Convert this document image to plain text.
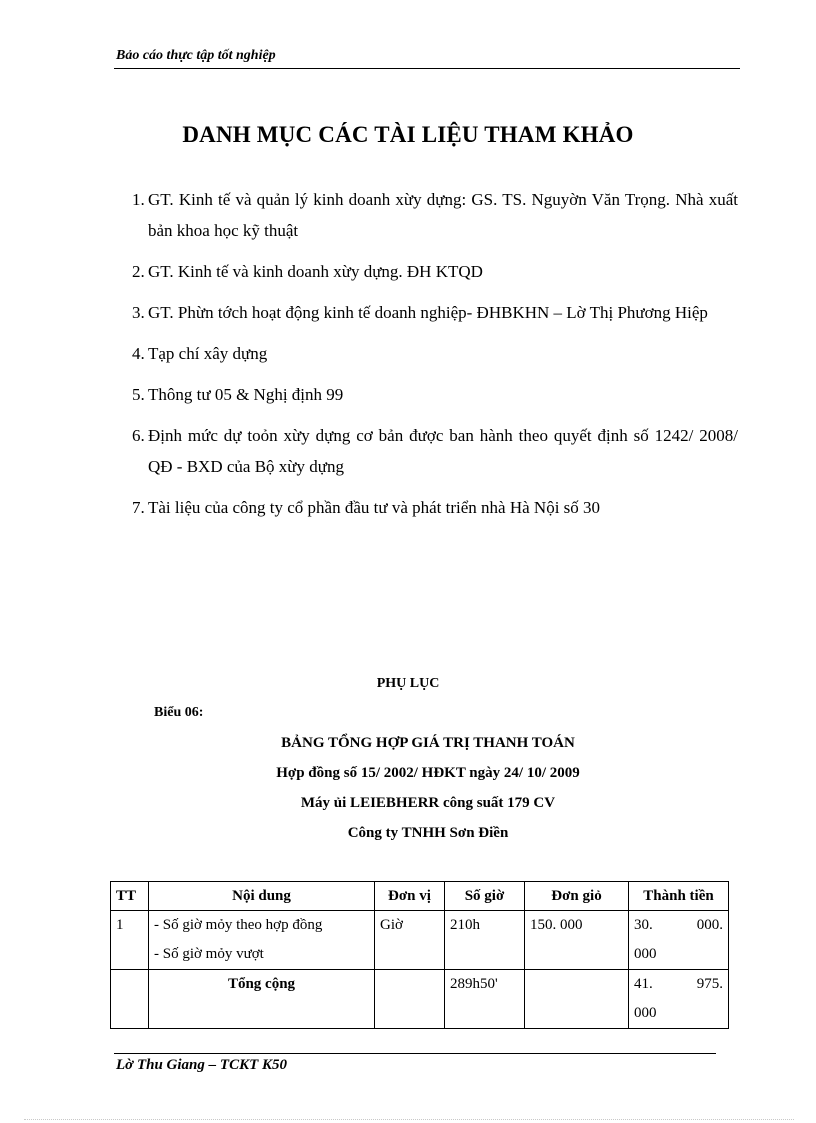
Bảo cáo thực tập tốt nghiệp
DANH MỤC CÁC TÀI LIỆU THAM KHẢO
1. GT. Kinh tế và quản lý kinh doanh xừy dựng: GS. TS. Nguyờn Văn Trọng. Nhà xuất bản khoa học kỹ thuật
2. GT. Kinh tế và kinh doanh xừy dựng. ĐH KTQD
3. GT. Phừn tớch hoạt động kinh tế doanh nghiệp- ĐHBKHN – Lờ Thị Phương Hiệp
4. Tạp chí xây dựng
5. Thông tư 05 & Nghị định 99
6. Định mức dự toỏn xừy dựng cơ bản được ban hành theo quyết định số 1242/ 2008/ QĐ - BXD của Bộ xừy dựng
7. Tài liệu của công ty cổ phần đầu tư và phát triển nhà Hà Nội số 30
PHỤ LỤC
Biểu 06:
BẢNG TỔNG HỢP GIÁ TRỊ THANH TOÁN
Hợp đồng số 15/ 2002/ HĐKT ngày 24/ 10/ 2009
Máy ủi LEIEBHERR công suất 179 CV
Công ty TNHH Sơn Điền
TT	Nội dung	Đơn vị	Số giờ	Đơn giỏ	Thành tiền

1	- Số giờ mỏy theo hợp đồng
- Số giờ mỏy vượt	Giờ	210h	150. 000	30. 000.
000

	Tổng cộng		289h50'		41. 975.
000
Lờ Thu Giang – TCKT K50
